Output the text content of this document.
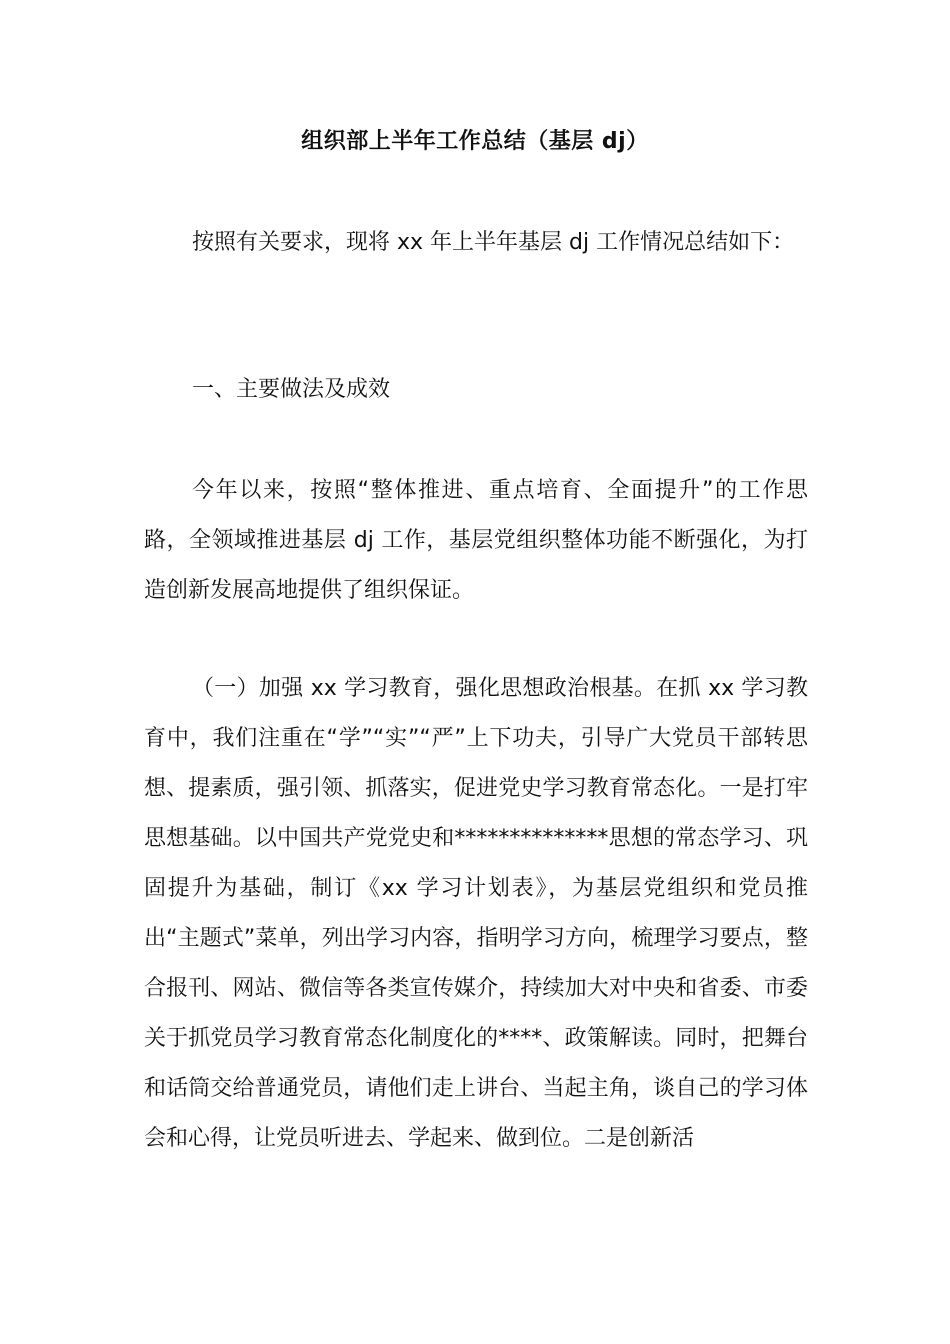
组织部上半年工作总结（基层 dj）
按照有关要求，现将 xx 年上半年基层 dj 工作情况总结如下：
一、主要做法及成效
今年以来，按照“整体推进、重点培育、全面提升”的工作思路，全领域推进基层 dj 工作，基层党组织整体功能不断强化，为打造创新发展高地提供了组织保证。
（一）加强 xx 学习教育，强化思想政治根基。在抓 xx 学习教育中，我们注重在“学”“实”“严”上下功夫，引导广大党员干部转思想、提素质，强引领、抓落实，促进党史学习教育常态化。一是打牢思想基础。以中国共产党党史和**************思想的常态学习、巩固提升为基础，制订《xx 学习计划表》，为基层党组织和党员推出“主题式”菜单，列出学习内容，指明学习方向，梳理学习要点，整合报刊、网站、微信等各类宣传媒介，持续加大对中央和省委、市委关于抓党员学习教育常态化制度化的****、政策解读。同时，把舞台和话筒交给普通党员，请他们走上讲台、当起主角，谈自己的学习体会和心得，让党员听进去、学起来、做到位。二是创新活
